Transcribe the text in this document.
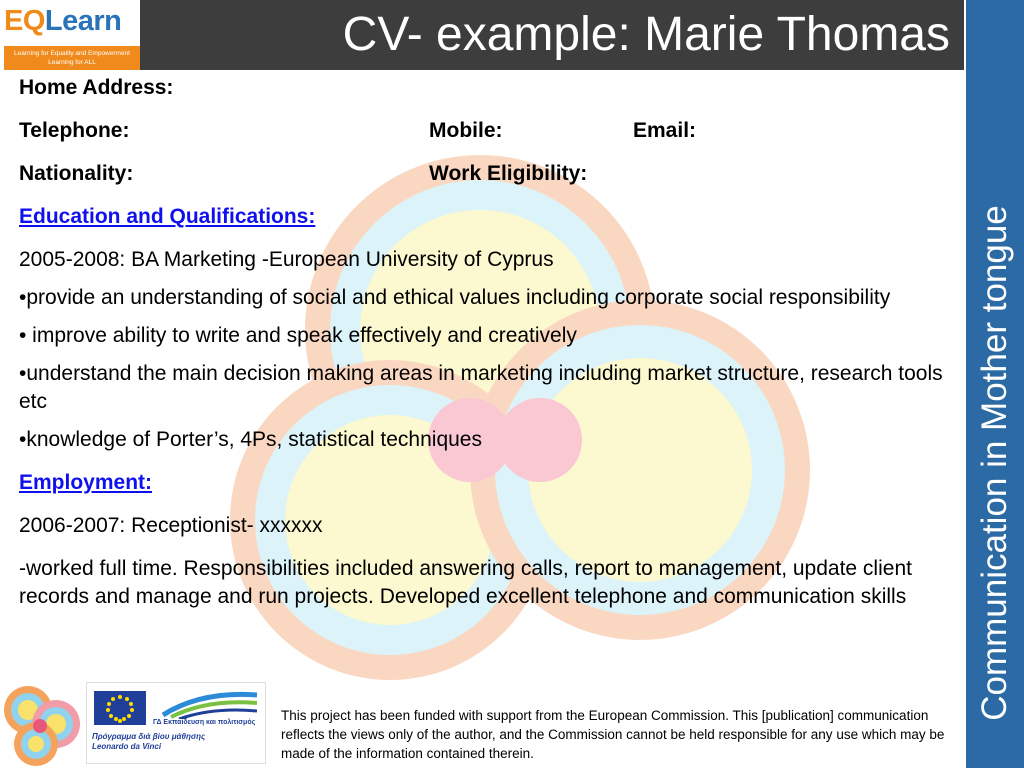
EQLearn
Learning for Equality and Empowerment
Learning for ALL
CV- example: Marie Thomas
Communication in Mother tongue
Home Address:
Telephone:	Mobile:	Email:
Nationality:	Work Eligibility:
Education and Qualifications:
2005-2008: BA Marketing -European University of Cyprus
•provide an understanding of social and ethical values including corporate social responsibility
• improve ability to write and speak effectively and creatively
•understand the main decision making areas in marketing including market structure, research tools etc
•knowledge of Porter’s, 4Ps, statistical techniques
Employment:
2006-2007: Receptionist- xxxxxx
-worked full time. Responsibilities included answering calls, report to management, update client records and manage and run projects. Developed excellent telephone and communication skills
ΓΔ Εκπαίδευση και πολιτισμός
Πρόγραμμα διά βίου μάθησης
Leonardo da Vinci
This project has been funded with support from the European Commission. This [publication] communication reflects the views only of the author, and the Commission cannot be held responsible for any use which may be made of the information contained therein.
